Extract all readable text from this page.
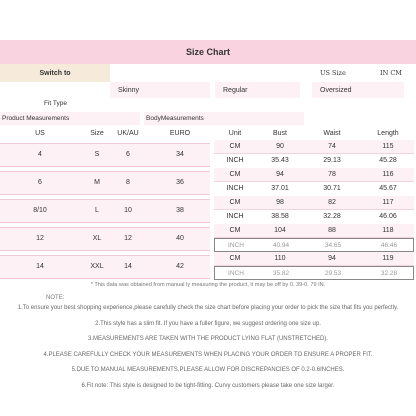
Size Chart
Switch to	US Size	IN CM
Skinny	Regular	Oversized
Fit Type
Product Measurements	BodyMeasurements
US	Size	UK/AU	EURO	Unit	Bust	Waist	Length
4	S	6	34
CM	90	74	115
INCH	35.43	29.13	45.28
6	M	8	36
CM	94	78	116
INCH	37.01	30.71	45.67
8/10	L	10	38
CM	98	82	117
INCH	38.58	32.28	46.06
12	XL	12	40
CM	104	88	118
INCH	40.94	34.65	46.46
14	XXL	14	42
CM	110	94	119
INCH	35.82	29.53	32.28
* This data was obtained from manual ly measuring the product, it may be off by 0. 39-0. 79 IN.
NOTE:
1.To ensure your best shopping experience,please carefully check the size chart before placing your order to pick the size that fits you perfectly.
2.This style has a slim fit. If you have a fuller figure, we suggest ordering one size up.
3.MEASUREMENTS ARE TAKEN WITH THE PRODUCT LYING FLAT (UNSTRETCHED).
4.PLEASE CAREFULLY CHECK YOUR MEASUREMENTS WHEN PLACING YOUR ORDER TO ENSURE A PROPER FIT.
5.DUE TO MANUAL MEASUREMENTS,PLEASE ALLOW FOR DISCREPANCIES OF 0.2-0.6INCHES.
6.Fit note: This style is designed to be tight-fitting. Curvy customers please take one size larger.
